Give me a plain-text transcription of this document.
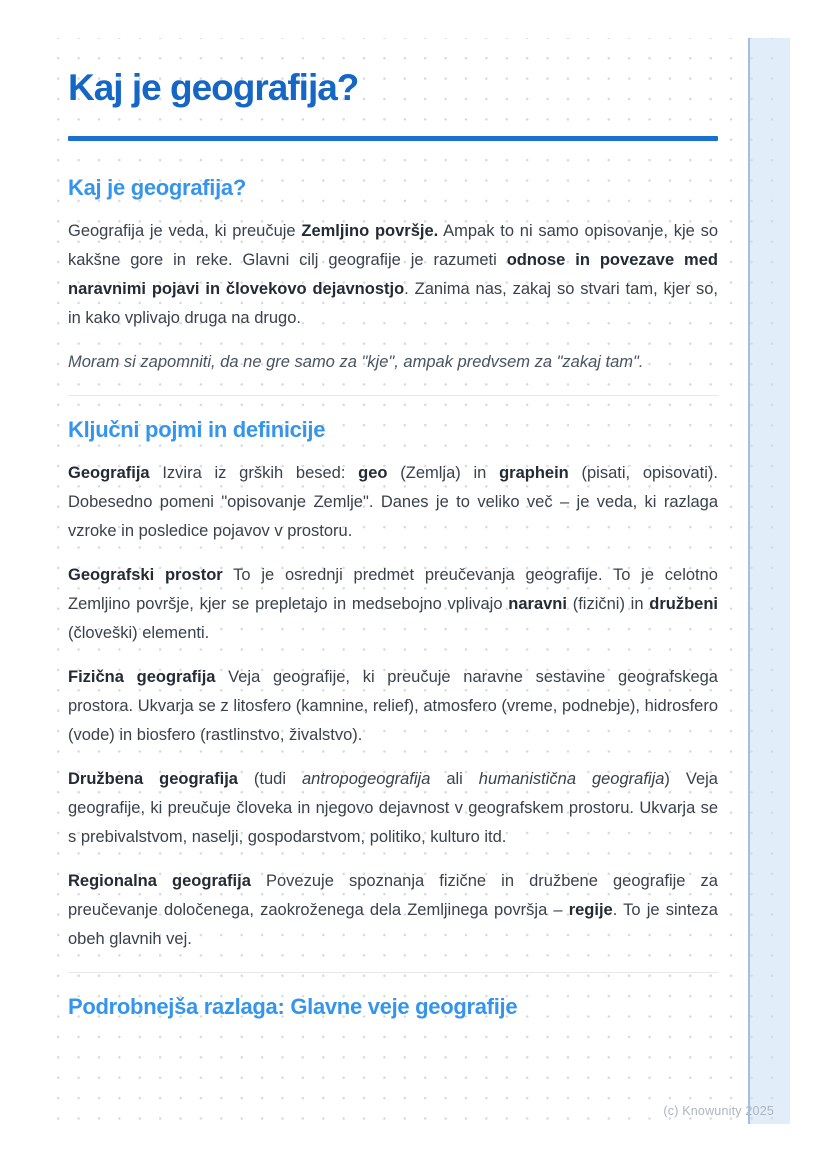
Kaj je geografija?
Kaj je geografija?

Geografija je veda, ki preučuje Zemljino površje. Ampak to ni samo opisovanje, kje so kakšne gore in reke. Glavni cilj geografije je razumeti odnose in povezave med naravnimi pojavi in človekovo dejavnostjo. Zanima nas, zakaj so stvari tam, kjer so, in kako vplivajo druga na drugo.

Moram si zapomniti, da ne gre samo za "kje", ampak predvsem za "zakaj tam".

Ključni pojmi in definicije

Geografija Izvira iz grških besed: geo (Zemlja) in graphein (pisati, opisovati). Dobesedno pomeni "opisovanje Zemlje". Danes je to veliko več – je veda, ki razlaga vzroke in posledice pojavov v prostoru.

Geografski prostor To je osrednji predmet preučevanja geografije. To je celotno Zemljino površje, kjer se prepletajo in medsebojno vplivajo naravni (fizični) in družbeni (človeški) elementi.

Fizična geografija Veja geografije, ki preučuje naravne sestavine geografskega prostora. Ukvarja se z litosfero (kamnine, relief), atmosfero (vreme, podnebje), hidrosfero (vode) in biosfero (rastlinstvo, živalstvo).

Družbena geografija (tudi antropogeografija ali humanistična geografija) Veja geografije, ki preučuje človeka in njegovo dejavnost v geografskem prostoru. Ukvarja se s prebivalstvom, naselji, gospodarstvom, politiko, kulturo itd.

Regionalna geografija Povezuje spoznanja fizične in družbene geografije za preučevanje določenega, zaokroženega dela Zemljinega površja – regije. To je sinteza obeh glavnih vej.

Podrobnejša razlaga: Glavne veje geografije
(c) Knowunity 2025
